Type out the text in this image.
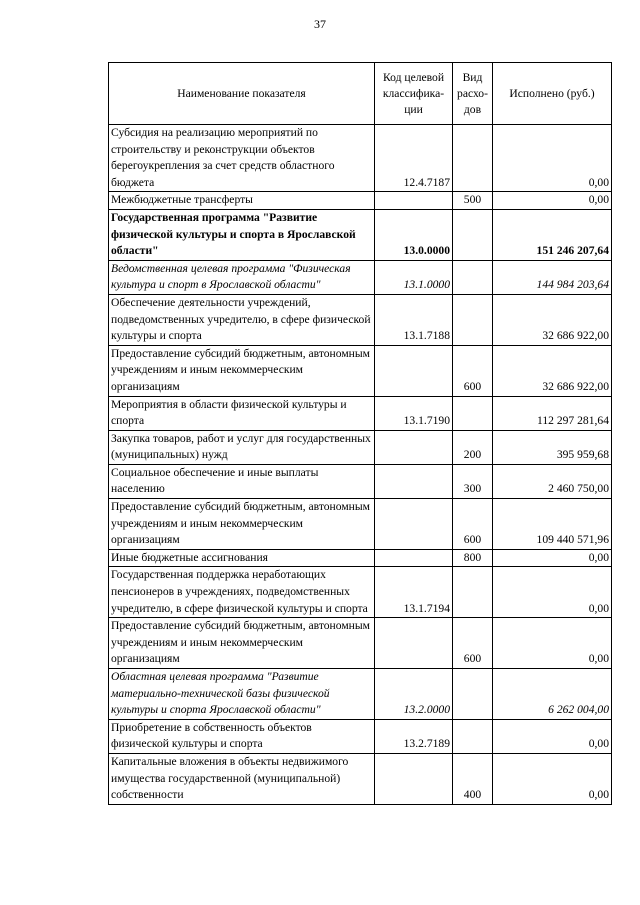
37
Наименование показателя	Код целевой классифика-ции	Вид расхо-дов	Исполнено (руб.)
Субсидия на реализацию мероприятий по строительству и реконструкции объектов берегоукрепления за счет средств областного бюджета	12.4.7187		0,00
Межбюджетные трансферты		500	0,00
Государственная программа "Развитие физической культуры и спорта в Ярославской области"	13.0.0000		151 246 207,64
Ведомственная целевая программа "Физическая культура и спорт в Ярославской области"	13.1.0000		144 984 203,64
Обеспечение деятельности учреждений, подведомственных учредителю, в сфере физической культуры и спорта	13.1.7188		32 686 922,00
Предоставление субсидий бюджетным, автономным учреждениям и иным некоммерческим организациям		600	32 686 922,00
Мероприятия в области физической культуры и спорта	13.1.7190		112 297 281,64
Закупка товаров, работ и услуг для государственных (муниципальных) нужд		200	395 959,68
Социальное обеспечение и иные выплаты населению		300	2 460 750,00
Предоставление субсидий бюджетным, автономным учреждениям и иным некоммерческим организациям		600	109 440 571,96
Иные бюджетные ассигнования		800	0,00
Государственная поддержка неработающих пенсионеров в учреждениях, подведомственных учредителю, в сфере физической культуры и спорта	13.1.7194		0,00
Предоставление субсидий бюджетным, автономным учреждениям и иным некоммерческим организациям		600	0,00
Областная целевая программа "Развитие материально-технической базы физической культуры и спорта Ярославской области"	13.2.0000		6 262 004,00
Приобретение в собственность объектов физической культуры и спорта	13.2.7189		0,00
Капитальные вложения в объекты недвижимого имущества государственной (муниципальной) собственности		400	0,00
